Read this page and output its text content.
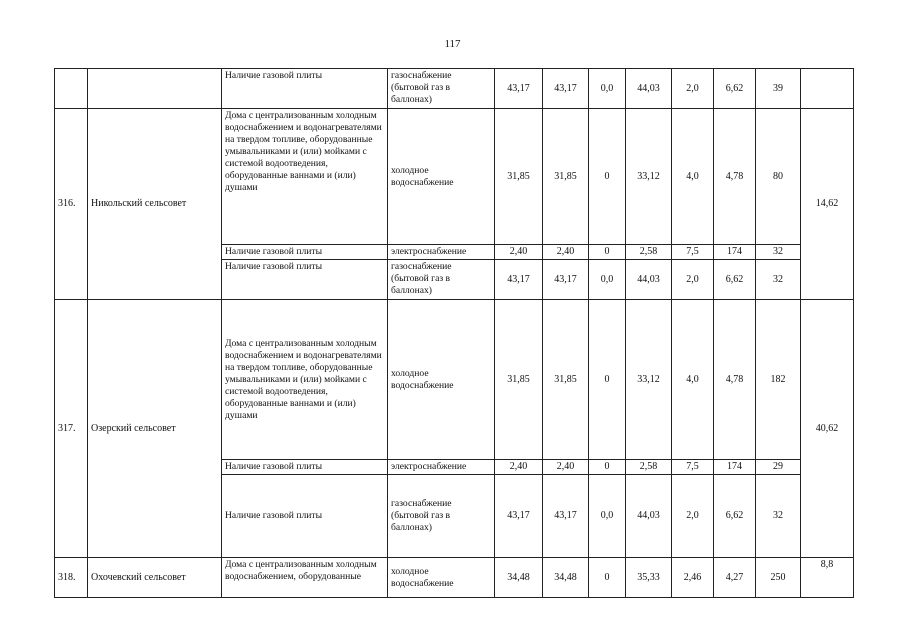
117
		Наличие газовой плиты	газоснабжение (бытовой газ в баллонах)	43,17	43,17	0,0	44,03	2,0	6,62	39	
316.	Никольский сельсовет	Дома с централизованным холодным водоснабжением и водонагревателями на твердом топливе, оборудованные умывальниками и (или) мойками с системой водоотведения, оборудованные ваннами и (или) душами	холодное водоснабжение	31,85	31,85	0	33,12	4,0	4,78	80	14,62
		Наличие газовой плиты	электроснабжение	2,40	2,40	0	2,58	7,5	174	32	
		Наличие газовой плиты	газоснабжение (бытовой газ в баллонах)	43,17	43,17	0,0	44,03	2,0	6,62	32	
317.	Озерский сельсовет	Дома с централизованным холодным водоснабжением и водонагревателями на твердом топливе, оборудованные умывальниками и (или) мойками с системой водоотведения, оборудованные ваннами и (или) душами	холодное водоснабжение	31,85	31,85	0	33,12	4,0	4,78	182	40,62
		Наличие газовой плиты	электроснабжение	2,40	2,40	0	2,58	7,5	174	29	
		Наличие газовой плиты	газоснабжение (бытовой газ в баллонах)	43,17	43,17	0,0	44,03	2,0	6,62	32	
318.	Охочевский сельсовет	Дома с централизованным холодным водоснабжением, оборудованные	холодное водоснабжение	34,48	34,48	0	35,33	2,46	4,27	250	8,8
